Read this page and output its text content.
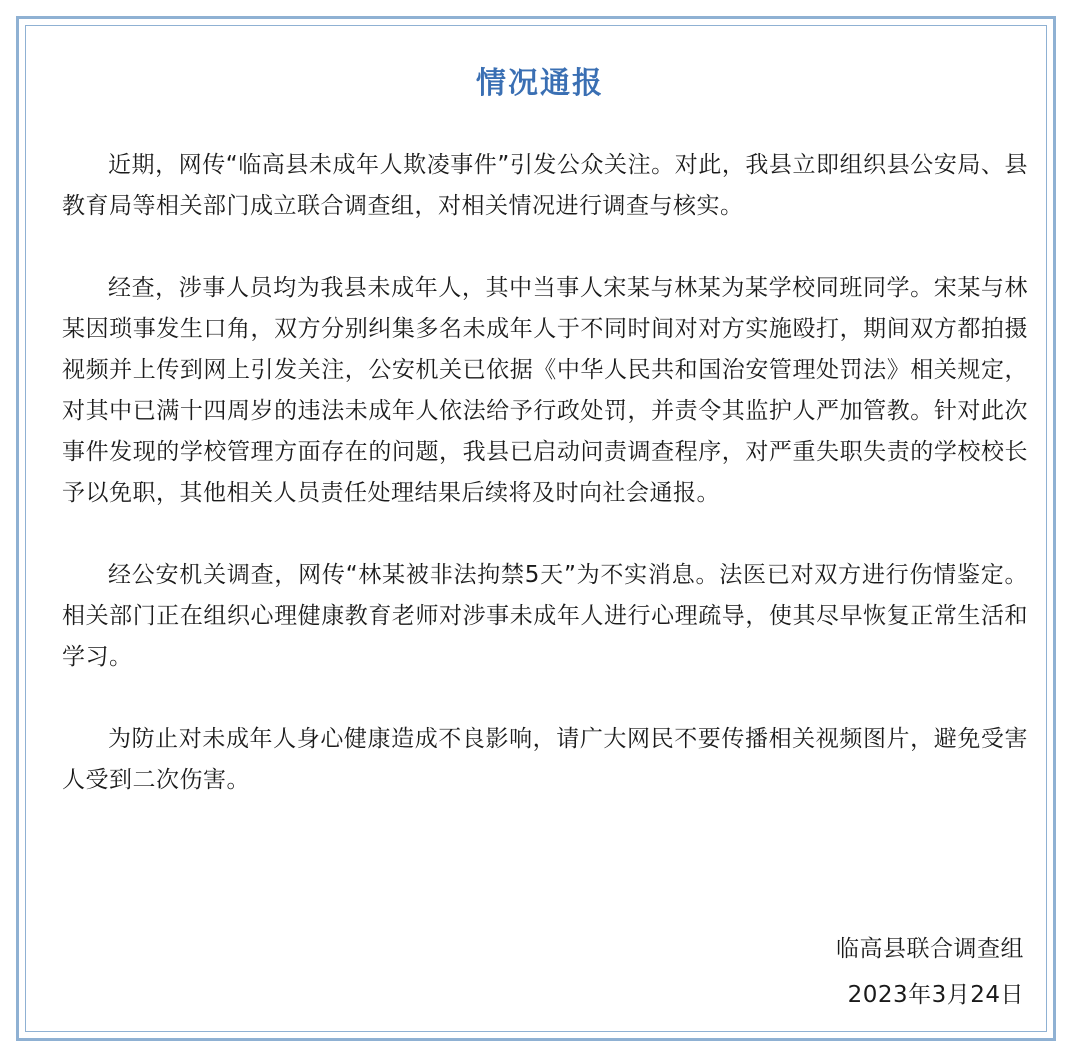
情况通报

近期，网传“临高县未成年人欺凌事件”引发公众关注。对此，我县立即组织县公安局、县教育局等相关部门成立联合调查组，对相关情况进行调查与核实。

经查，涉事人员均为我县未成年人，其中当事人宋某与林某为某学校同班同学。宋某与林某因琐事发生口角，双方分别纠集多名未成年人于不同时间对对方实施殴打，期间双方都拍摄视频并上传到网上引发关注，公安机关已依据《中华人民共和国治安管理处罚法》相关规定，对其中已满十四周岁的违法未成年人依法给予行政处罚，并责令其监护人严加管教。针对此次事件发现的学校管理方面存在的问题，我县已启动问责调查程序，对严重失职失责的学校校长予以免职，其他相关人员责任处理结果后续将及时向社会通报。

经公安机关调查，网传“林某被非法拘禁5天”为不实消息。法医已对双方进行伤情鉴定。相关部门正在组织心理健康教育老师对涉事未成年人进行心理疏导，使其尽早恢复正常生活和学习。

为防止对未成年人身心健康造成不良影响，请广大网民不要传播相关视频图片，避免受害人受到二次伤害。

临高县联合调查组
2023年3月24日
